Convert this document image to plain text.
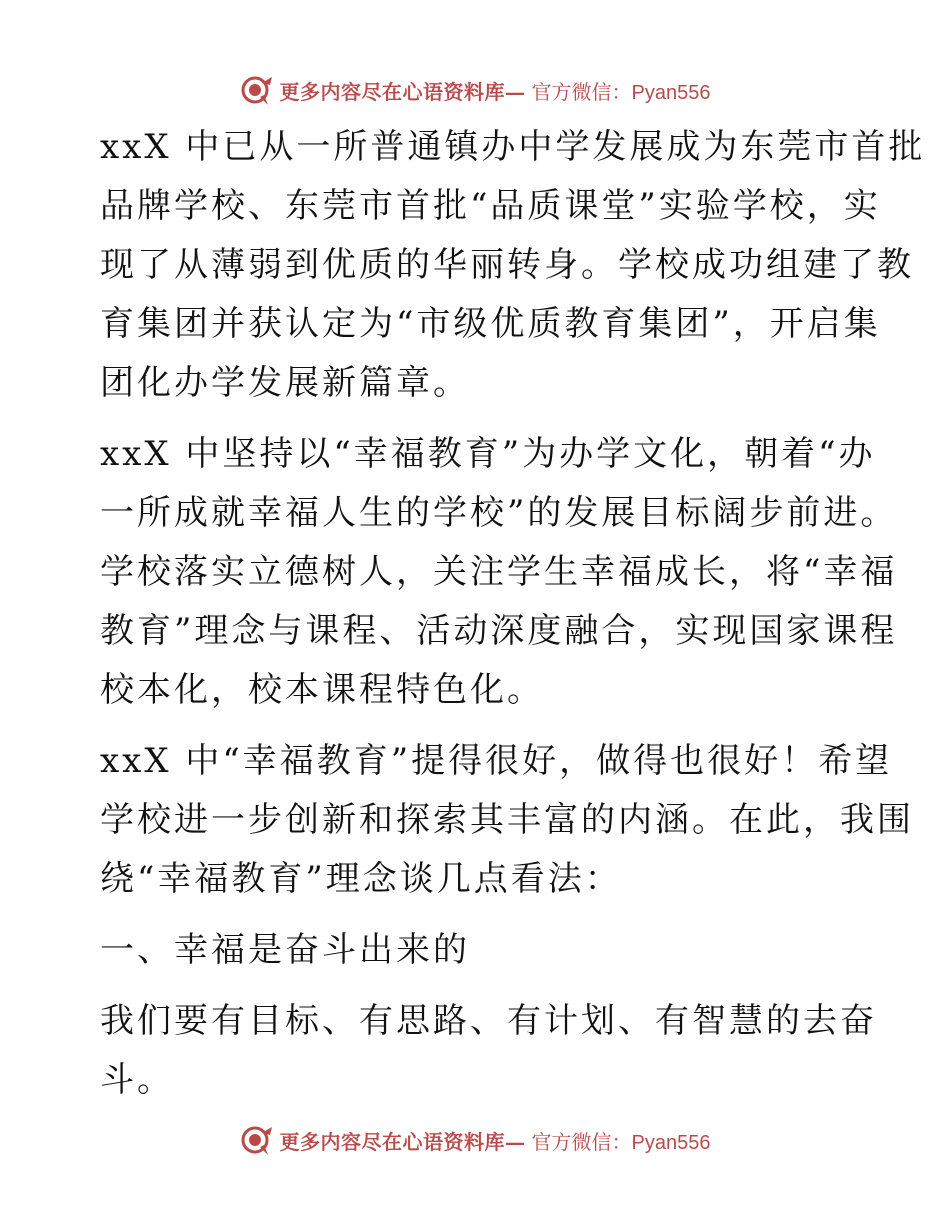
更多内容尽在心语资料库— 官方微信：Pyan556
xxX 中已从一所普通镇办中学发展成为东莞市首批
品牌学校、东莞市首批“品质课堂”实验学校，实
现了从薄弱到优质的华丽转身。学校成功组建了教
育集团并获认定为“市级优质教育集团”，开启集
团化办学发展新篇章。
xxX 中坚持以“幸福教育”为办学文化，朝着“办
一所成就幸福人生的学校”的发展目标阔步前进。
学校落实立德树人，关注学生幸福成长，将“幸福
教育”理念与课程、活动深度融合，实现国家课程
校本化，校本课程特色化。
xxX 中“幸福教育”提得很好，做得也很好！希望
学校进一步创新和探索其丰富的内涵。在此，我围
绕“幸福教育”理念谈几点看法：
一、幸福是奋斗出来的
我们要有目标、有思路、有计划、有智慧的去奋
斗。
更多内容尽在心语资料库— 官方微信：Pyan556
